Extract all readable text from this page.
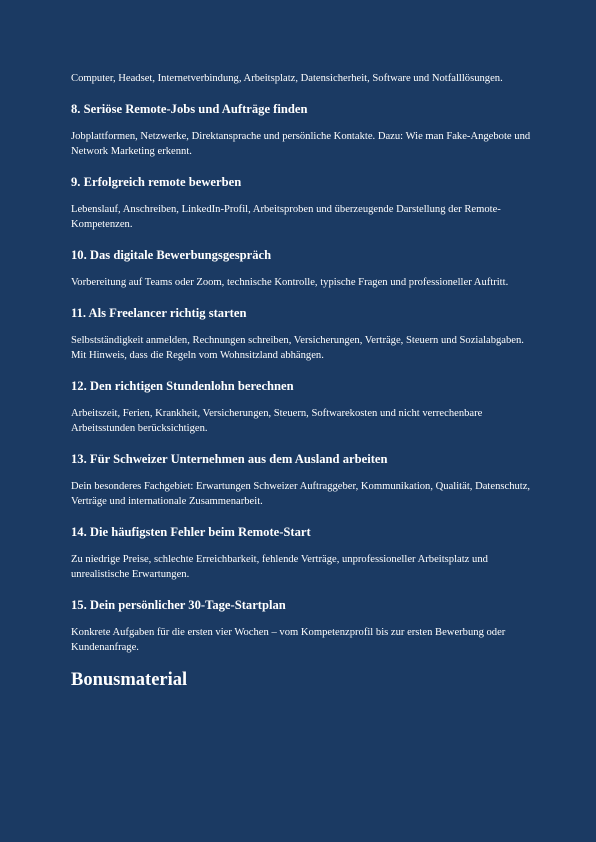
Computer, Headset, Internetverbindung, Arbeitsplatz, Datensicherheit, Software und Notfalllösungen.

8. Seriöse Remote-Jobs und Aufträge finden

Jobplattformen, Netzwerke, Direktansprache und persönliche Kontakte. Dazu: Wie man Fake-Angebote und Network Marketing erkennt.

9. Erfolgreich remote bewerben

Lebenslauf, Anschreiben, LinkedIn-Profil, Arbeitsproben und überzeugende Darstellung der Remote-Kompetenzen.

10. Das digitale Bewerbungsgespräch

Vorbereitung auf Teams oder Zoom, technische Kontrolle, typische Fragen und professioneller Auftritt.

11. Als Freelancer richtig starten

Selbstständigkeit anmelden, Rechnungen schreiben, Versicherungen, Verträge, Steuern und Sozialabgaben. Mit Hinweis, dass die Regeln vom Wohnsitzland abhängen.

12. Den richtigen Stundenlohn berechnen

Arbeitszeit, Ferien, Krankheit, Versicherungen, Steuern, Softwarekosten und nicht verrechenbare Arbeitsstunden berücksichtigen.

13. Für Schweizer Unternehmen aus dem Ausland arbeiten

Dein besonderes Fachgebiet: Erwartungen Schweizer Auftraggeber, Kommunikation, Qualität, Datenschutz, Verträge und internationale Zusammenarbeit.

14. Die häufigsten Fehler beim Remote-Start

Zu niedrige Preise, schlechte Erreichbarkeit, fehlende Verträge, unprofessioneller Arbeitsplatz und unrealistische Erwartungen.

15. Dein persönlicher 30-Tage-Startplan

Konkrete Aufgaben für die ersten vier Wochen – vom Kompetenzprofil bis zur ersten Bewerbung oder Kundenanfrage.

Bonusmaterial
